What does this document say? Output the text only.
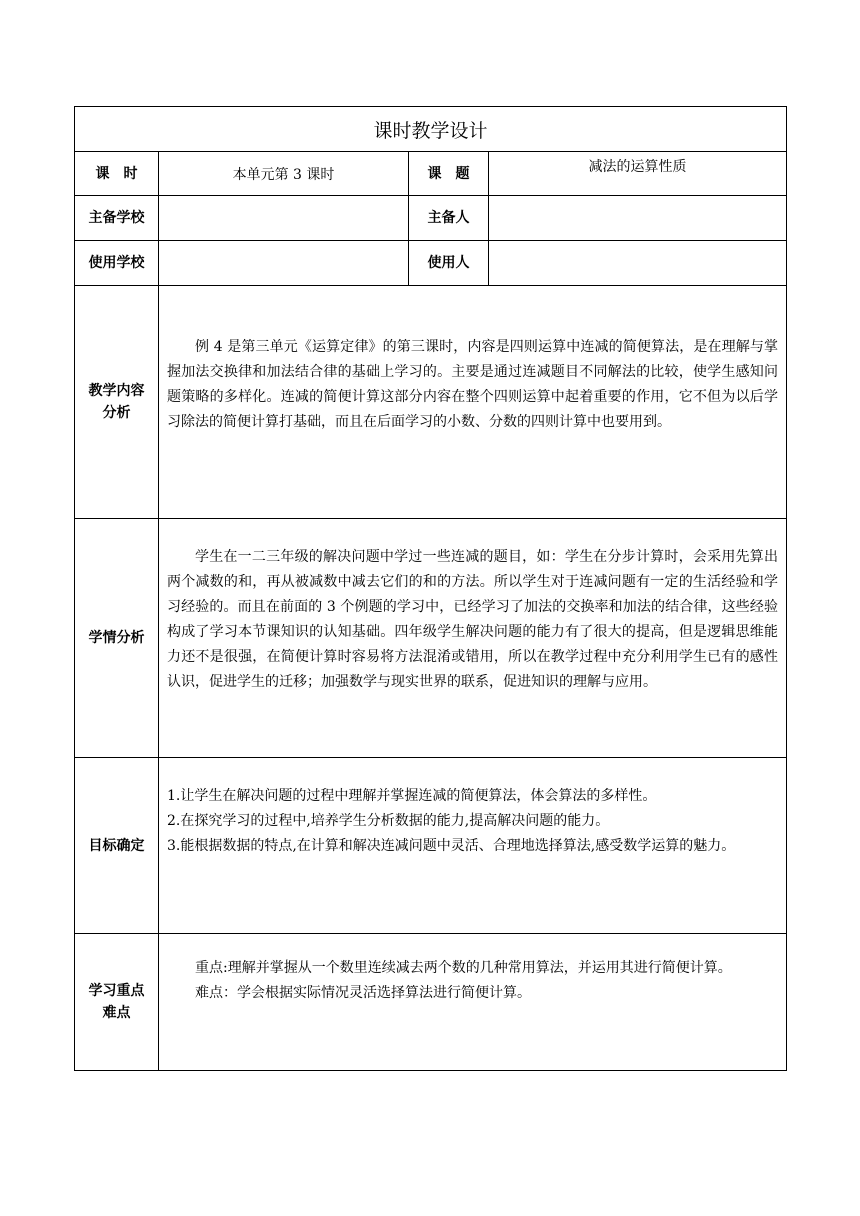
课时教学设计			
课　时	本单元第 3 课时	课　题	减法的运算性质
主备学校		主备人	
使用学校		使用人	
教学内容分析	例 4 是第三单元《运算定律》的第三课时，内容是四则运算中连减的简便算法，是在理解与掌握加法交换律和加法结合律的基础上学习的。主要是通过连减题目不同解法的比较，使学生感知问题策略的多样化。连减的简便计算这部分内容在整个四则运算中起着重要的作用，它不但为以后学习除法的简便计算打基础，而且在后面学习的小数、分数的四则计算中也要用到。		

学情分析	学生在一二三年级的解决问题中学过一些连减的题目，如：学生在分步计算时，会采用先算出两个减数的和，再从被减数中减去它们的和的方法。所以学生对于连减问题有一定的生活经验和学习经验的。而且在前面的 3 个例题的学习中，已经学习了加法的交换率和加法的结合律，这些经验构成了学习本节课知识的认知基础。四年级学生解决问题的能力有了很大的提高，但是逻辑思维能力还不是很强，在简便计算时容易将方法混淆或错用，所以在教学过程中充分利用学生已有的感性认识，促进学生的迁移；加强数学与现实世界的联系，促进知识的理解与应用。		

目标确定	1.让学生在解决问题的过程中理解并掌握连减的简便算法，体会算法的多样性。

2.在探究学习的过程中,培养学生分析数据的能力,提高解决问题的能力。

3.能根据数据的特点,在计算和解决连减问题中灵活、合理地选择算法,感受数学运算的魅力。		

学习重点难点	重点:理解并掌握从一个数里连续减去两个数的几种常用算法，并运用其进行简便计算。

难点：学会根据实际情况灵活选择算法进行简便计算。		
